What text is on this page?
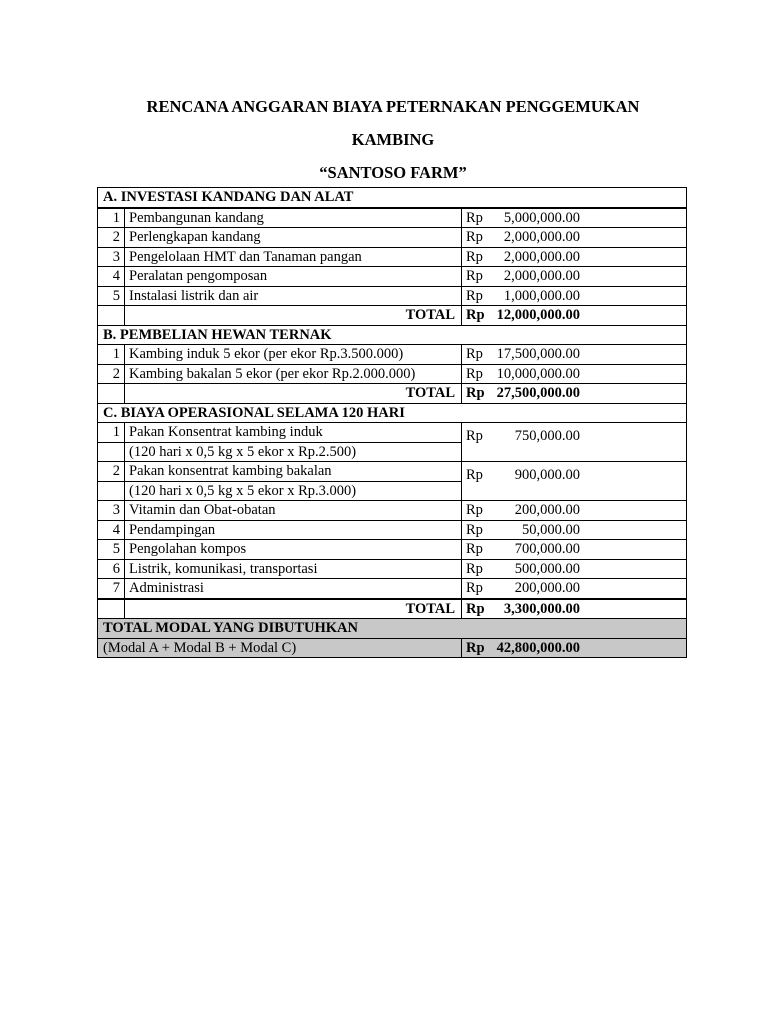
RENCANA ANGGARAN BIAYA PETERNAKAN PENGGEMUKAN
KAMBING
“SANTOSO FARM”
A. INVESTASI KANDANG DAN ALAT		
1	Pembangunan kandang	Rp 5,000,000.00
2	Perlengkapan kandang	Rp 2,000,000.00
3	Pengelolaan HMT dan Tanaman pangan	Rp 2,000,000.00
4	Peralatan pengomposan	Rp 2,000,000.00
5	Instalasi listrik dan air	Rp 1,000,000.00
	TOTAL	Rp 12,000,000.00
B. PEMBELIAN HEWAN TERNAK		
1	Kambing induk 5 ekor (per ekor Rp.3.500.000)	Rp 17,500,000.00
2	Kambing bakalan 5 ekor (per ekor Rp.2.000.000)	Rp 10,000,000.00
	TOTAL	Rp 27,500,000.00
C. BIAYA OPERASIONAL SELAMA 120 HARI		
1	Pakan Konsentrat kambing induk	Rp 750,000.00
	(120 hari x 0,5 kg x 5 ekor x Rp.2.500)	
2	Pakan konsentrat kambing bakalan	Rp 900,000.00
	(120 hari x 0,5 kg x 5 ekor x Rp.3.000)	
3	Vitamin dan Obat-obatan	Rp 200,000.00
4	Pendampingan	Rp 50,000.00
5	Pengolahan kompos	Rp 700,000.00
6	Listrik, komunikasi, transportasi	Rp 500,000.00
7	Administrasi	Rp 200,000.00
	TOTAL	Rp 3,300,000.00
TOTAL MODAL YANG DIBUTUHKAN		
(Modal A + Modal B + Modal C)		Rp 42,800,000.00
